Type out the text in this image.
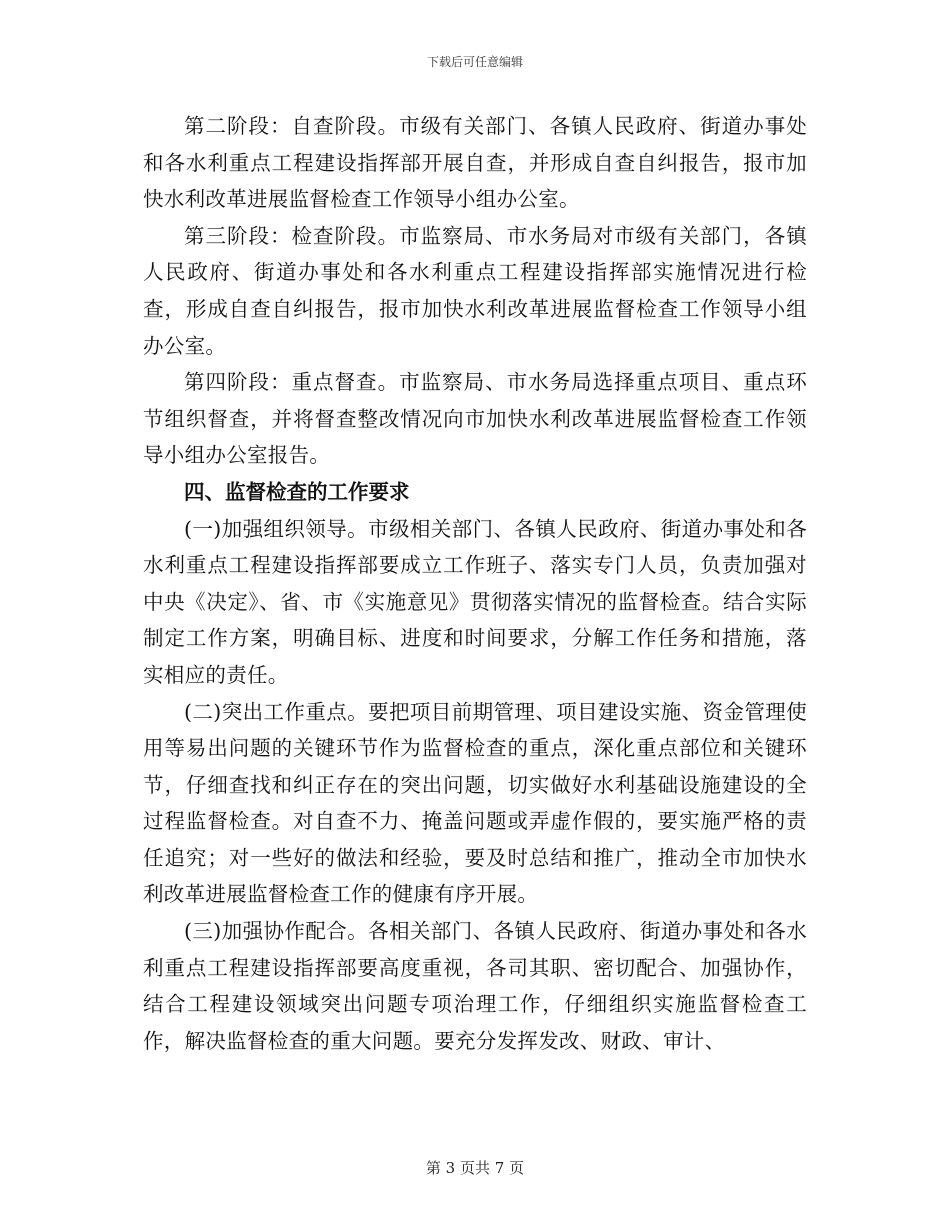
下载后可任意编辑

第二阶段：自查阶段。市级有关部门、各镇人民政府、街道办事处和各水利重点工程建设指挥部开展自查，并形成自查自纠报告，报市加快水利改革进展监督检查工作领导小组办公室。

第三阶段：检查阶段。市监察局、市水务局对市级有关部门，各镇人民政府、街道办事处和各水利重点工程建设指挥部实施情况进行检查，形成自查自纠报告，报市加快水利改革进展监督检查工作领导小组办公室。

第四阶段：重点督查。市监察局、市水务局选择重点项目、重点环节组织督查，并将督查整改情况向市加快水利改革进展监督检查工作领导小组办公室报告。

四、监督检查的工作要求

(一)加强组织领导。市级相关部门、各镇人民政府、街道办事处和各水利重点工程建设指挥部要成立工作班子、落实专门人员，负责加强对中央《决定》、省、市《实施意见》贯彻落实情况的监督检查。结合实际制定工作方案，明确目标、进度和时间要求，分解工作任务和措施，落实相应的责任。

(二)突出工作重点。要把项目前期管理、项目建设实施、资金管理使用等易出问题的关键环节作为监督检查的重点，深化重点部位和关键环节，仔细查找和纠正存在的突出问题，切实做好水利基础设施建设的全过程监督检查。对自查不力、掩盖问题或弄虚作假的，要实施严格的责任追究；对一些好的做法和经验，要及时总结和推广，推动全市加快水利改革进展监督检查工作的健康有序开展。

(三)加强协作配合。各相关部门、各镇人民政府、街道办事处和各水利重点工程建设指挥部要高度重视，各司其职、密切配合、加强协作，结合工程建设领域突出问题专项治理工作，仔细组织实施监督检查工作，解决监督检查的重大问题。要充分发挥发改、财政、审计、

第 3 页共 7 页
